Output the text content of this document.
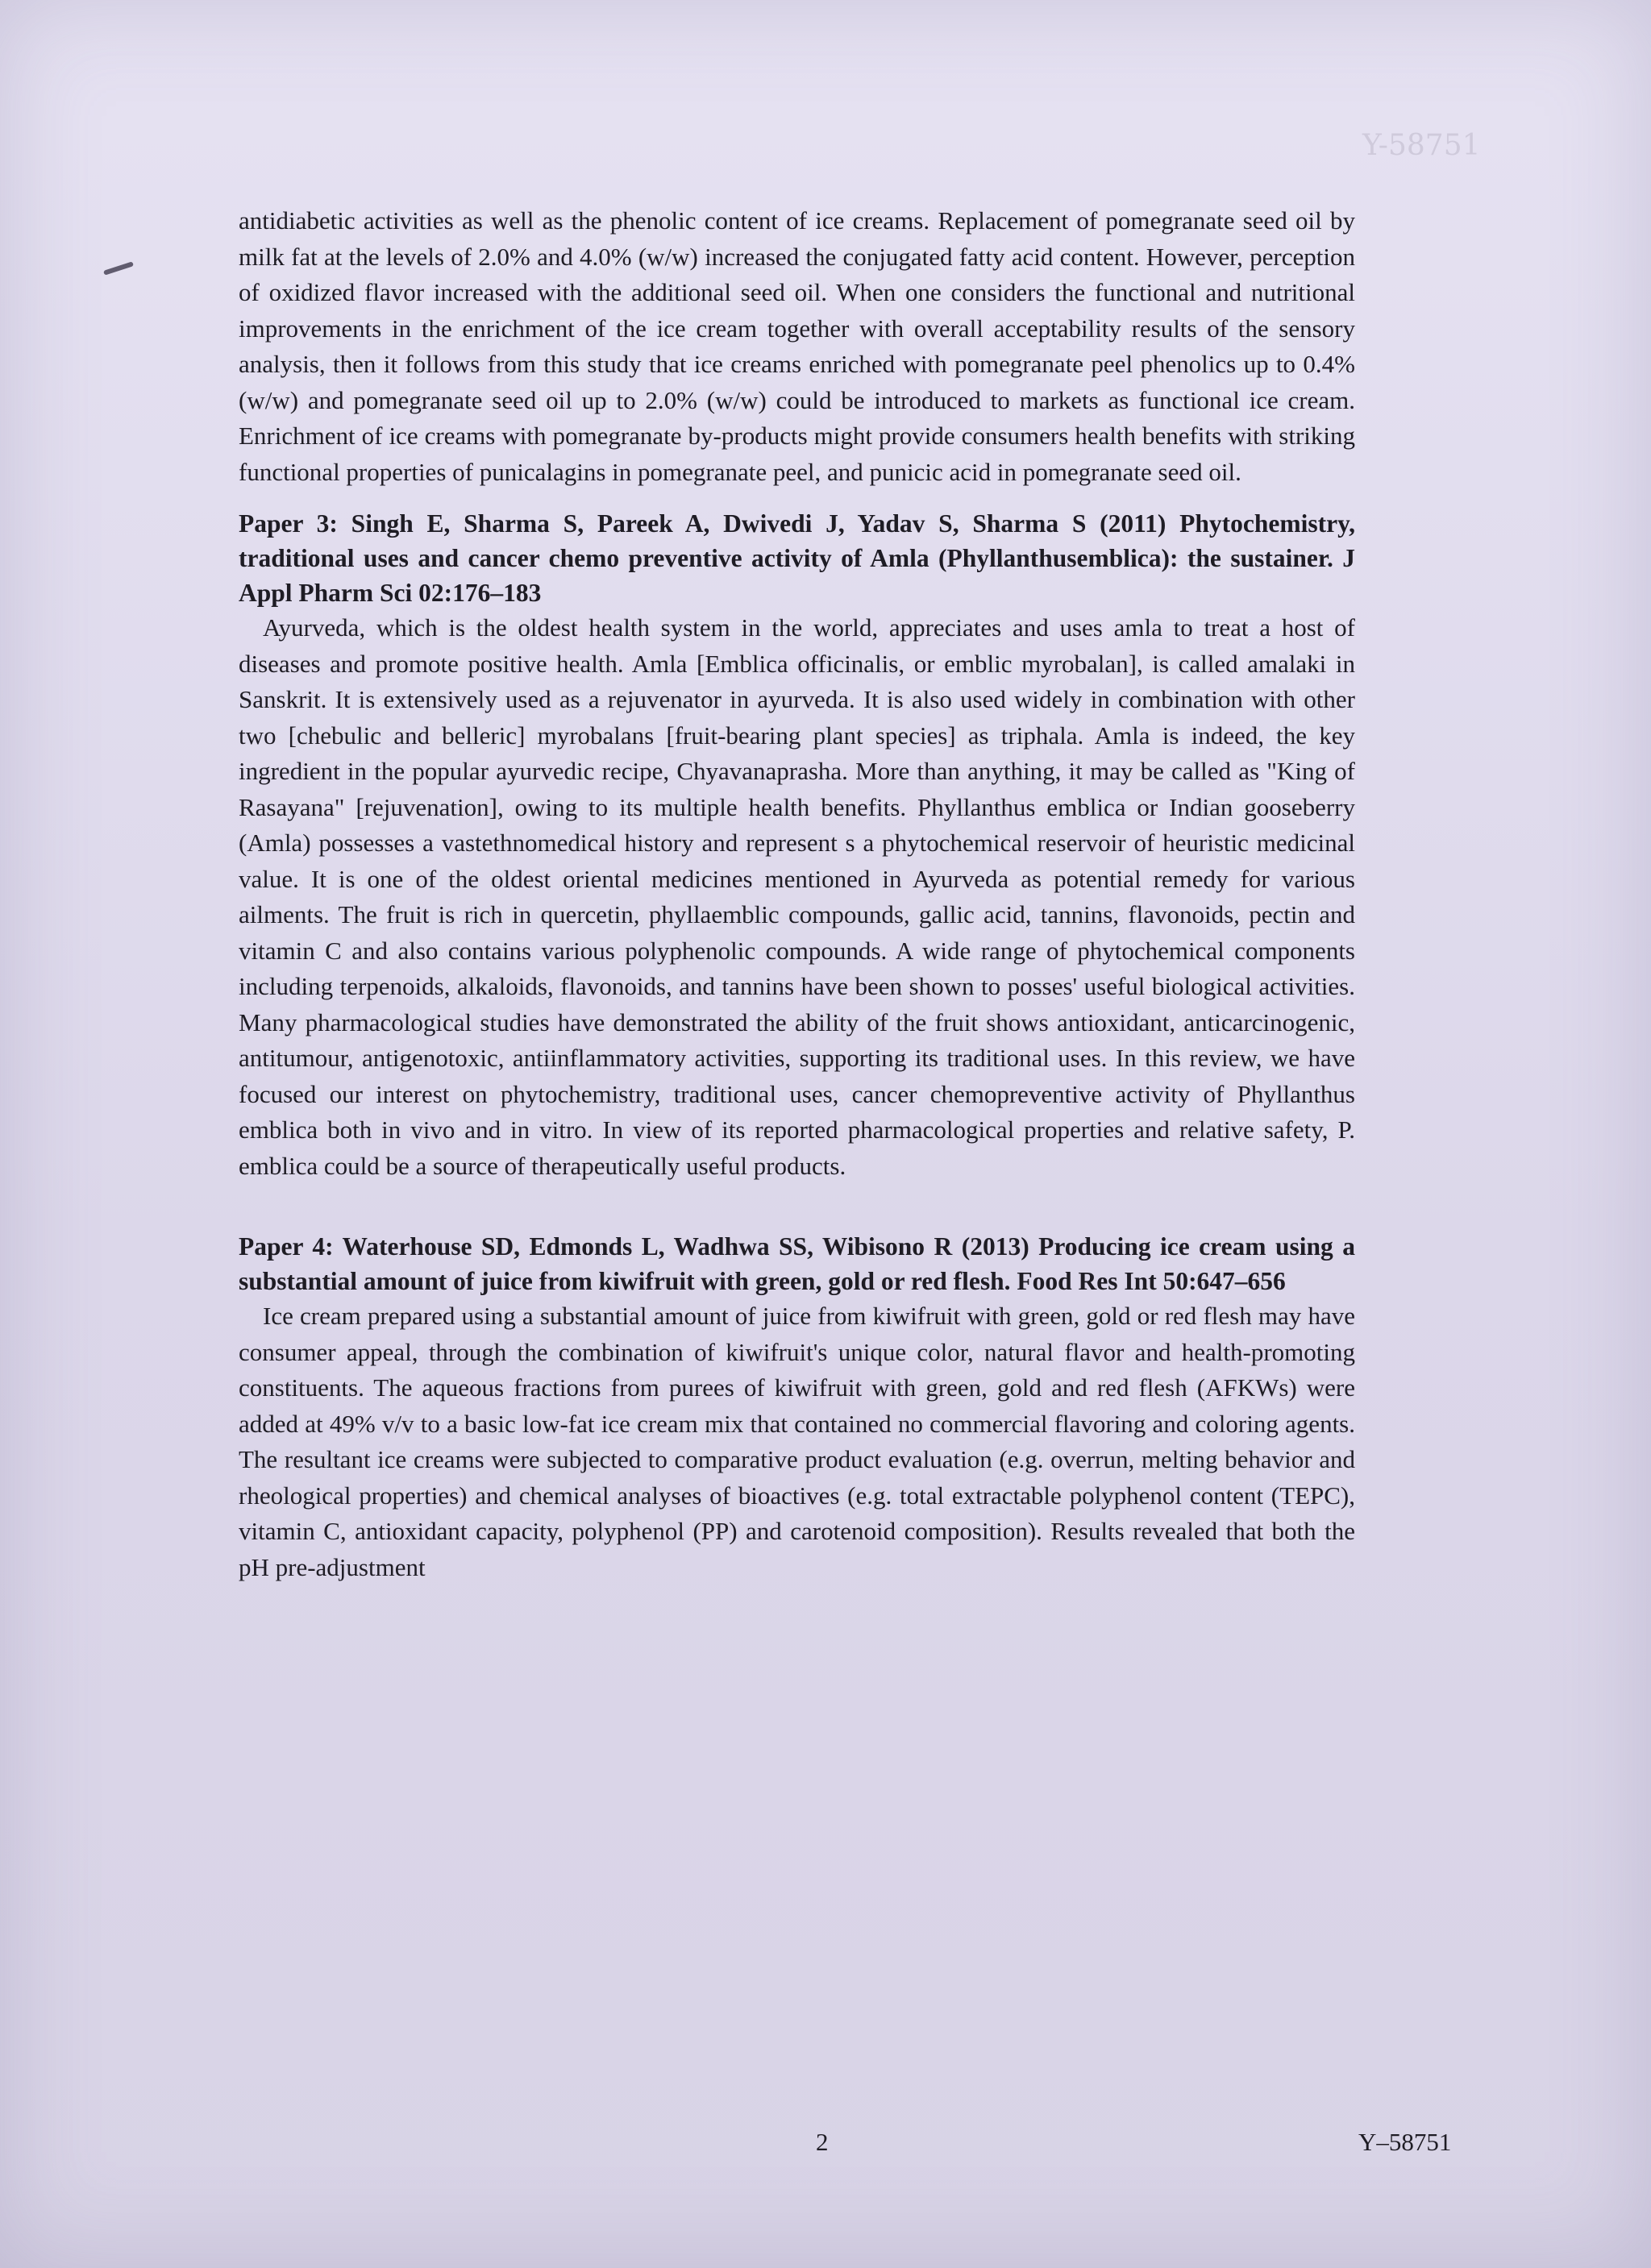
Y-58751

antidiabetic activities as well as the phenolic content of ice creams. Replacement of pomegranate seed oil by milk fat at the levels of 2.0% and 4.0% (w/w) increased the conjugated fatty acid content. However, perception of oxidized flavor increased with the additional seed oil. When one considers the functional and nutritional improvements in the enrichment of the ice cream together with overall acceptability results of the sensory analysis, then it follows from this study that ice creams enriched with pomegranate peel phenolics up to 0.4% (w/w) and pomegranate seed oil up to 2.0% (w/w) could be introduced to markets as functional ice cream. Enrichment of ice creams with pomegranate by-products might provide consumers health benefits with striking functional properties of punicalagins in pomegranate peel, and punicic acid in pomegranate seed oil.

Paper 3: Singh E, Sharma S, Pareek A, Dwivedi J, Yadav S, Sharma S (2011) Phytochemistry, traditional uses and cancer chemo preventive activity of Amla (Phyllanthusemblica): the sustainer. J Appl Pharm Sci 02:176–183

Ayurveda, which is the oldest health system in the world, appreciates and uses amla to treat a host of diseases and promote positive health. Amla [Emblica officinalis, or emblic myrobalan], is called amalaki in Sanskrit. It is extensively used as a rejuvenator in ayurveda. It is also used widely in combination with other two [chebulic and belleric] myrobalans [fruit-bearing plant species] as triphala. Amla is indeed, the key ingredient in the popular ayurvedic recipe, Chyavanaprasha. More than anything, it may be called as "King of Rasayana" [rejuvenation], owing to its multiple health benefits. Phyllanthus emblica or Indian gooseberry (Amla) possesses a vastethnomedical history and represent s a phytochemical reservoir of heuristic medicinal value. It is one of the oldest oriental medicines mentioned in Ayurveda as potential remedy for various ailments. The fruit is rich in quercetin, phyllaemblic compounds, gallic acid, tannins, flavonoids, pectin and vitamin C and also contains various polyphenolic compounds. A wide range of phytochemical components including terpenoids, alkaloids, flavonoids, and tannins have been shown to posses' useful biological activities. Many pharmacological studies have demonstrated the ability of the fruit shows antioxidant, anticarcinogenic, antitumour, antigenotoxic, antiinflammatory activities, supporting its traditional uses. In this review, we have focused our interest on phytochemistry, traditional uses, cancer chemopreventive activity of Phyllanthus emblica both in vivo and in vitro. In view of its reported pharmacological properties and relative safety, P. emblica could be a source of therapeutically useful products.

Paper 4: Waterhouse SD, Edmonds L, Wadhwa SS, Wibisono R (2013) Producing ice cream using a substantial amount of juice from kiwifruit with green, gold or red flesh. Food Res Int 50:647–656

Ice cream prepared using a substantial amount of juice from kiwifruit with green, gold or red flesh may have consumer appeal, through the combination of kiwifruit's unique color, natural flavor and health-promoting constituents. The aqueous fractions from purees of kiwifruit with green, gold and red flesh (AFKWs) were added at 49% v/v to a basic low-fat ice cream mix that contained no commercial flavoring and coloring agents. The resultant ice creams were subjected to comparative product evaluation (e.g. overrun, melting behavior and rheological properties) and chemical analyses of bioactives (e.g. total extractable polyphenol content (TEPC), vitamin C, antioxidant capacity, polyphenol (PP) and carotenoid composition). Results revealed that both the pH pre-adjustment

2	Y–58751
